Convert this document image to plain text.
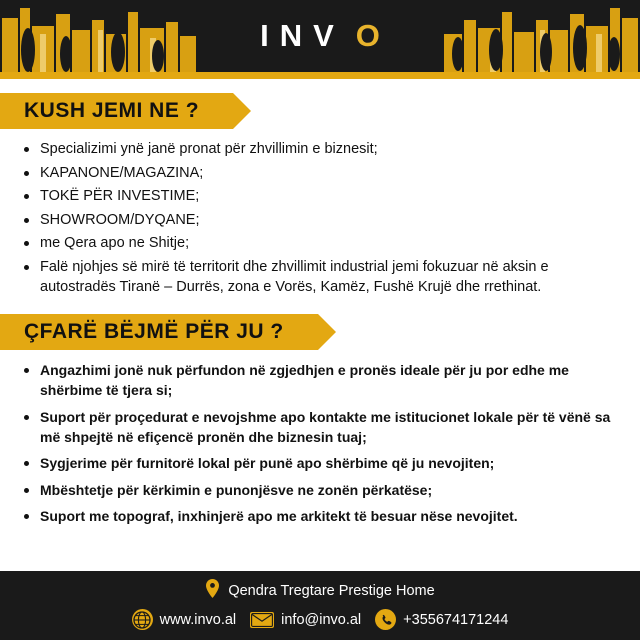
INV O
KUSH JEMI NE ?
Specializimi ynë janë pronat për zhvillimin e biznesit;
KAPANONE/MAGAZINA;
TOKË PËR INVESTIME;
SHOWROOM/DYQANE;
me Qera apo ne Shitje;
Falë njohjes së mirë të territorit dhe zhvillimit industrial jemi fokuzuar në aksin e autostradës Tiranë – Durrës, zona e Vorës, Kamëz, Fushë Krujë dhe rrethinat.
ÇFARË BËJMË PËR JU ?
Angazhimi jonë nuk përfundon në zgjedhjen e pronës ideale për ju por edhe me shërbime të tjera si;
Suport për proçedurat e nevojshme apo kontakte me istitucionet lokale për të vënë sa më shpejtë në efiçencë pronën dhe biznesin tuaj;
Sygjerime për furnitorë lokal për punë apo shërbime që ju nevojiten;
Mbështetje për kërkimin e punonjësve ne zonën përkatëse;
Suport me topograf, inxhinjerë apo me arkitekt të besuar nëse nevojitet.
Qendra Tregtare Prestige Home
www.invo.al	info@invo.al	+355674171244
